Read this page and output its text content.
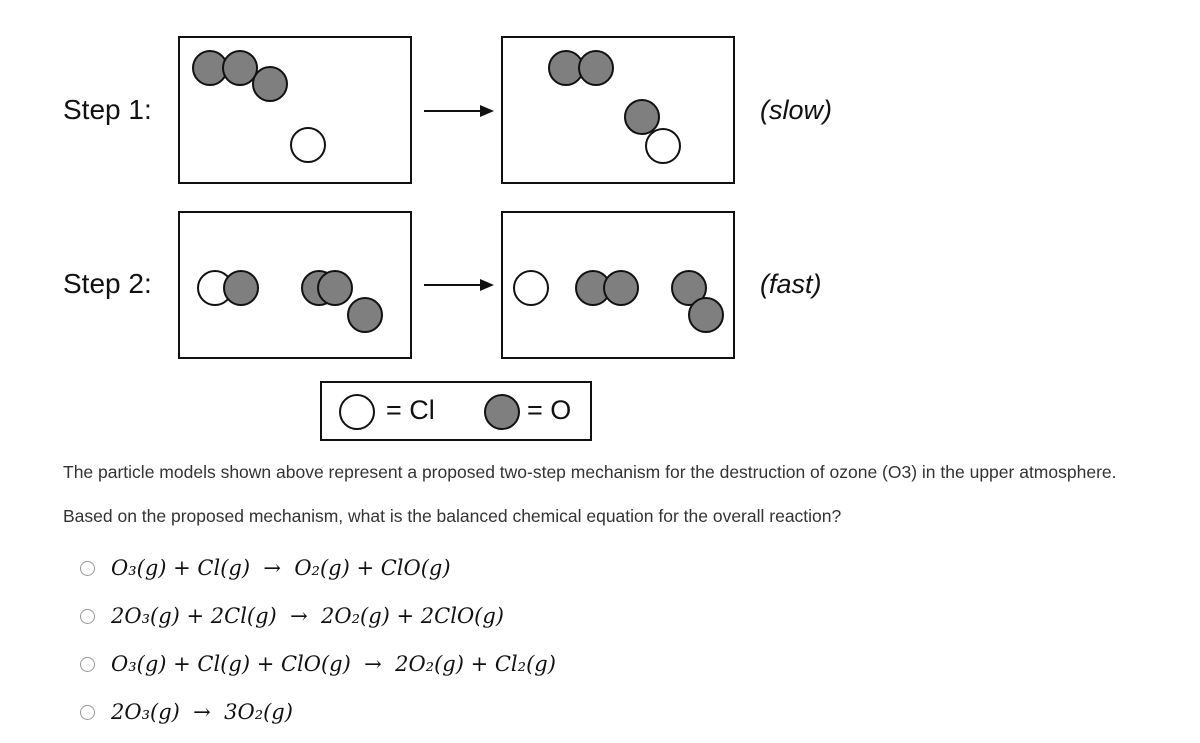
Step 1:	(slow)
Step 2:	(fast)
= Cl	= O
The particle models shown above represent a proposed two-step mechanism for the destruction of ozone (O3) in the upper atmosphere.
Based on the proposed mechanism, what is the balanced chemical equation for the overall reaction?
O₃(g) + Cl(g)  →  O₂(g) + ClO(g)
2O₃(g) + 2Cl(g)  →  2O₂(g) + 2ClO(g)
O₃(g) + Cl(g) + ClO(g)  →  2O₂(g) + Cl₂(g)
2O₃(g)  →  3O₂(g)
